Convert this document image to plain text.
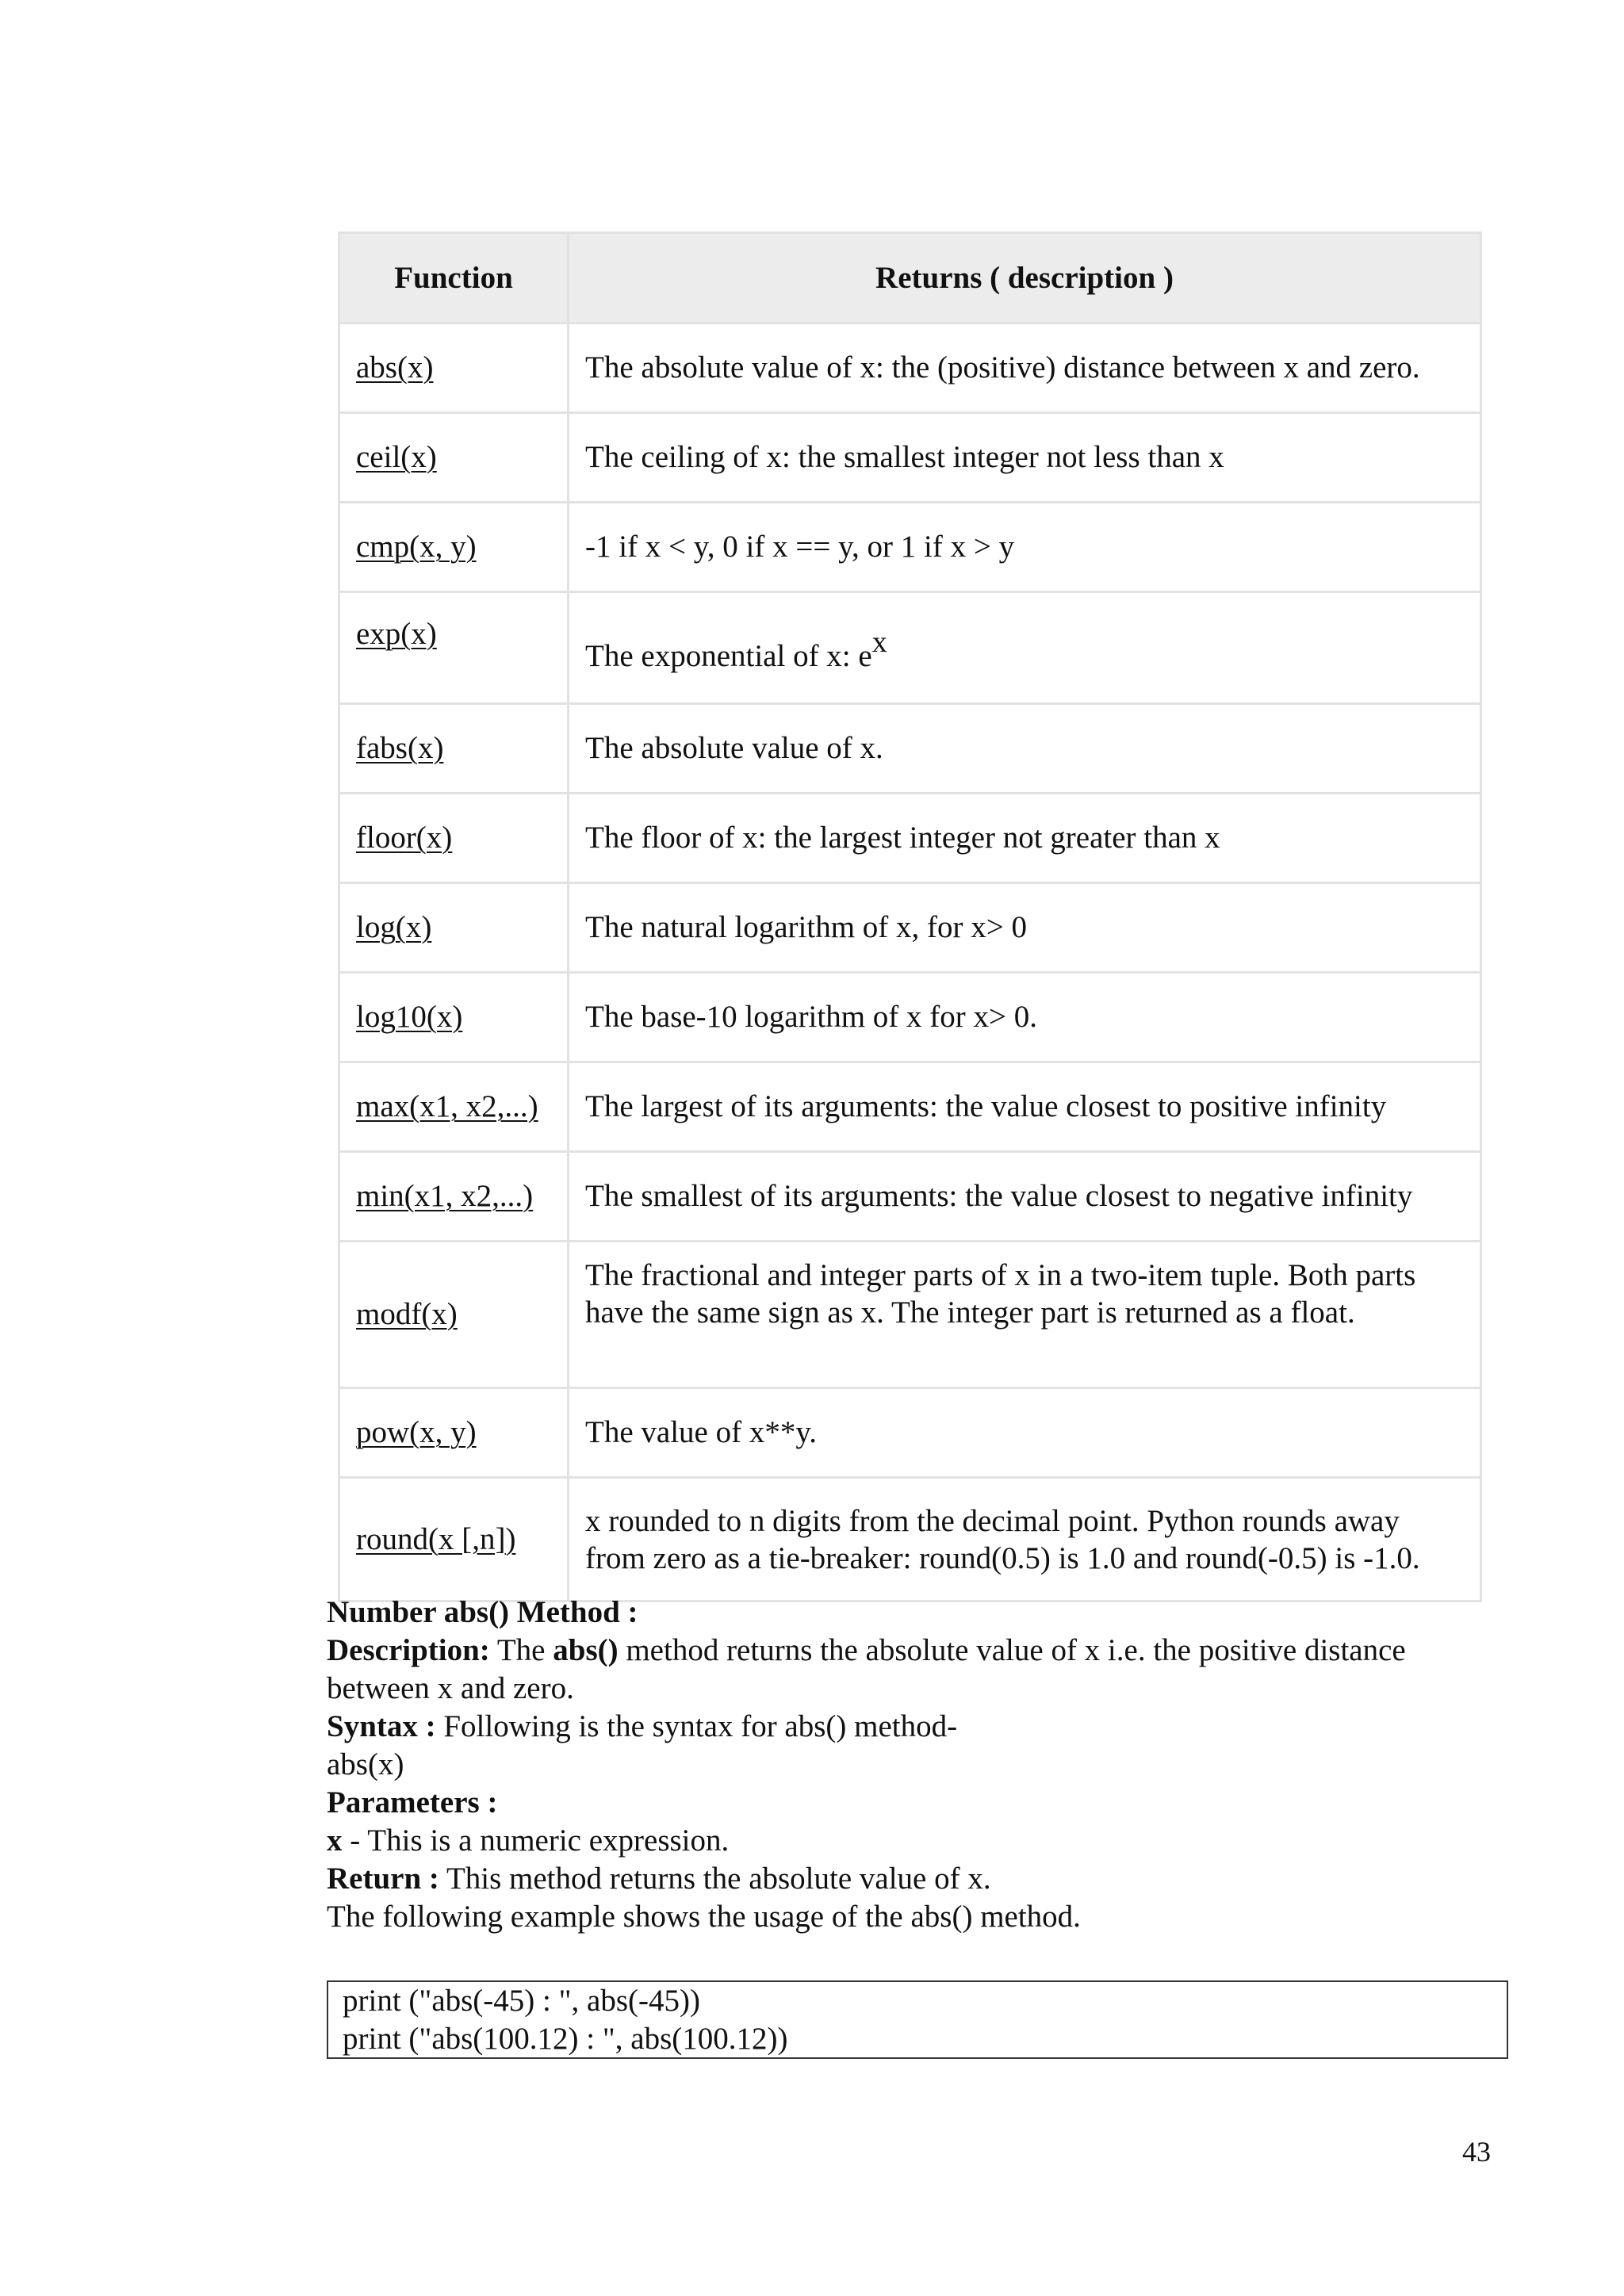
Function	Returns ( description )
abs(x)	The absolute value of x: the (positive) distance between x and zero.
ceil(x)	The ceiling of x: the smallest integer not less than x
cmp(x, y)	-1 if x < y, 0 if x == y, or 1 if x > y
exp(x)	The exponential of x: $e^x$
fabs(x)	The absolute value of x.
floor(x)	The floor of x: the largest integer not greater than x
log(x)	The natural logarithm of x, for x> 0
log10(x)	The base-10 logarithm of x for x> 0.
max(x1, x2,...)	The largest of its arguments: the value closest to positive infinity
min(x1, x2,...)	The smallest of its arguments: the value closest to negative infinity
modf(x)	The fractional and integer parts of x in a two-item tuple. Both parts have the same sign as x. The integer part is returned as a float.
pow(x, y)	The value of x**y.
round(x [,n])	x rounded to n digits from the decimal point. Python rounds away from zero as a tie-breaker: round(0.5) is 1.0 and round(-0.5) is -1.0.

Number abs() Method :

Description: The abs() method returns the absolute value of x i.e. the positive distance between x and zero.

Syntax : Following is the syntax for abs() method-

abs(x)

Parameters :

x - This is a numeric expression.

Return : This method returns the absolute value of x.

The following example shows the usage of the abs() method.

print ("abs(-45) : ", abs(-45))
print ("abs(100.12) : ", abs(100.12))
43
